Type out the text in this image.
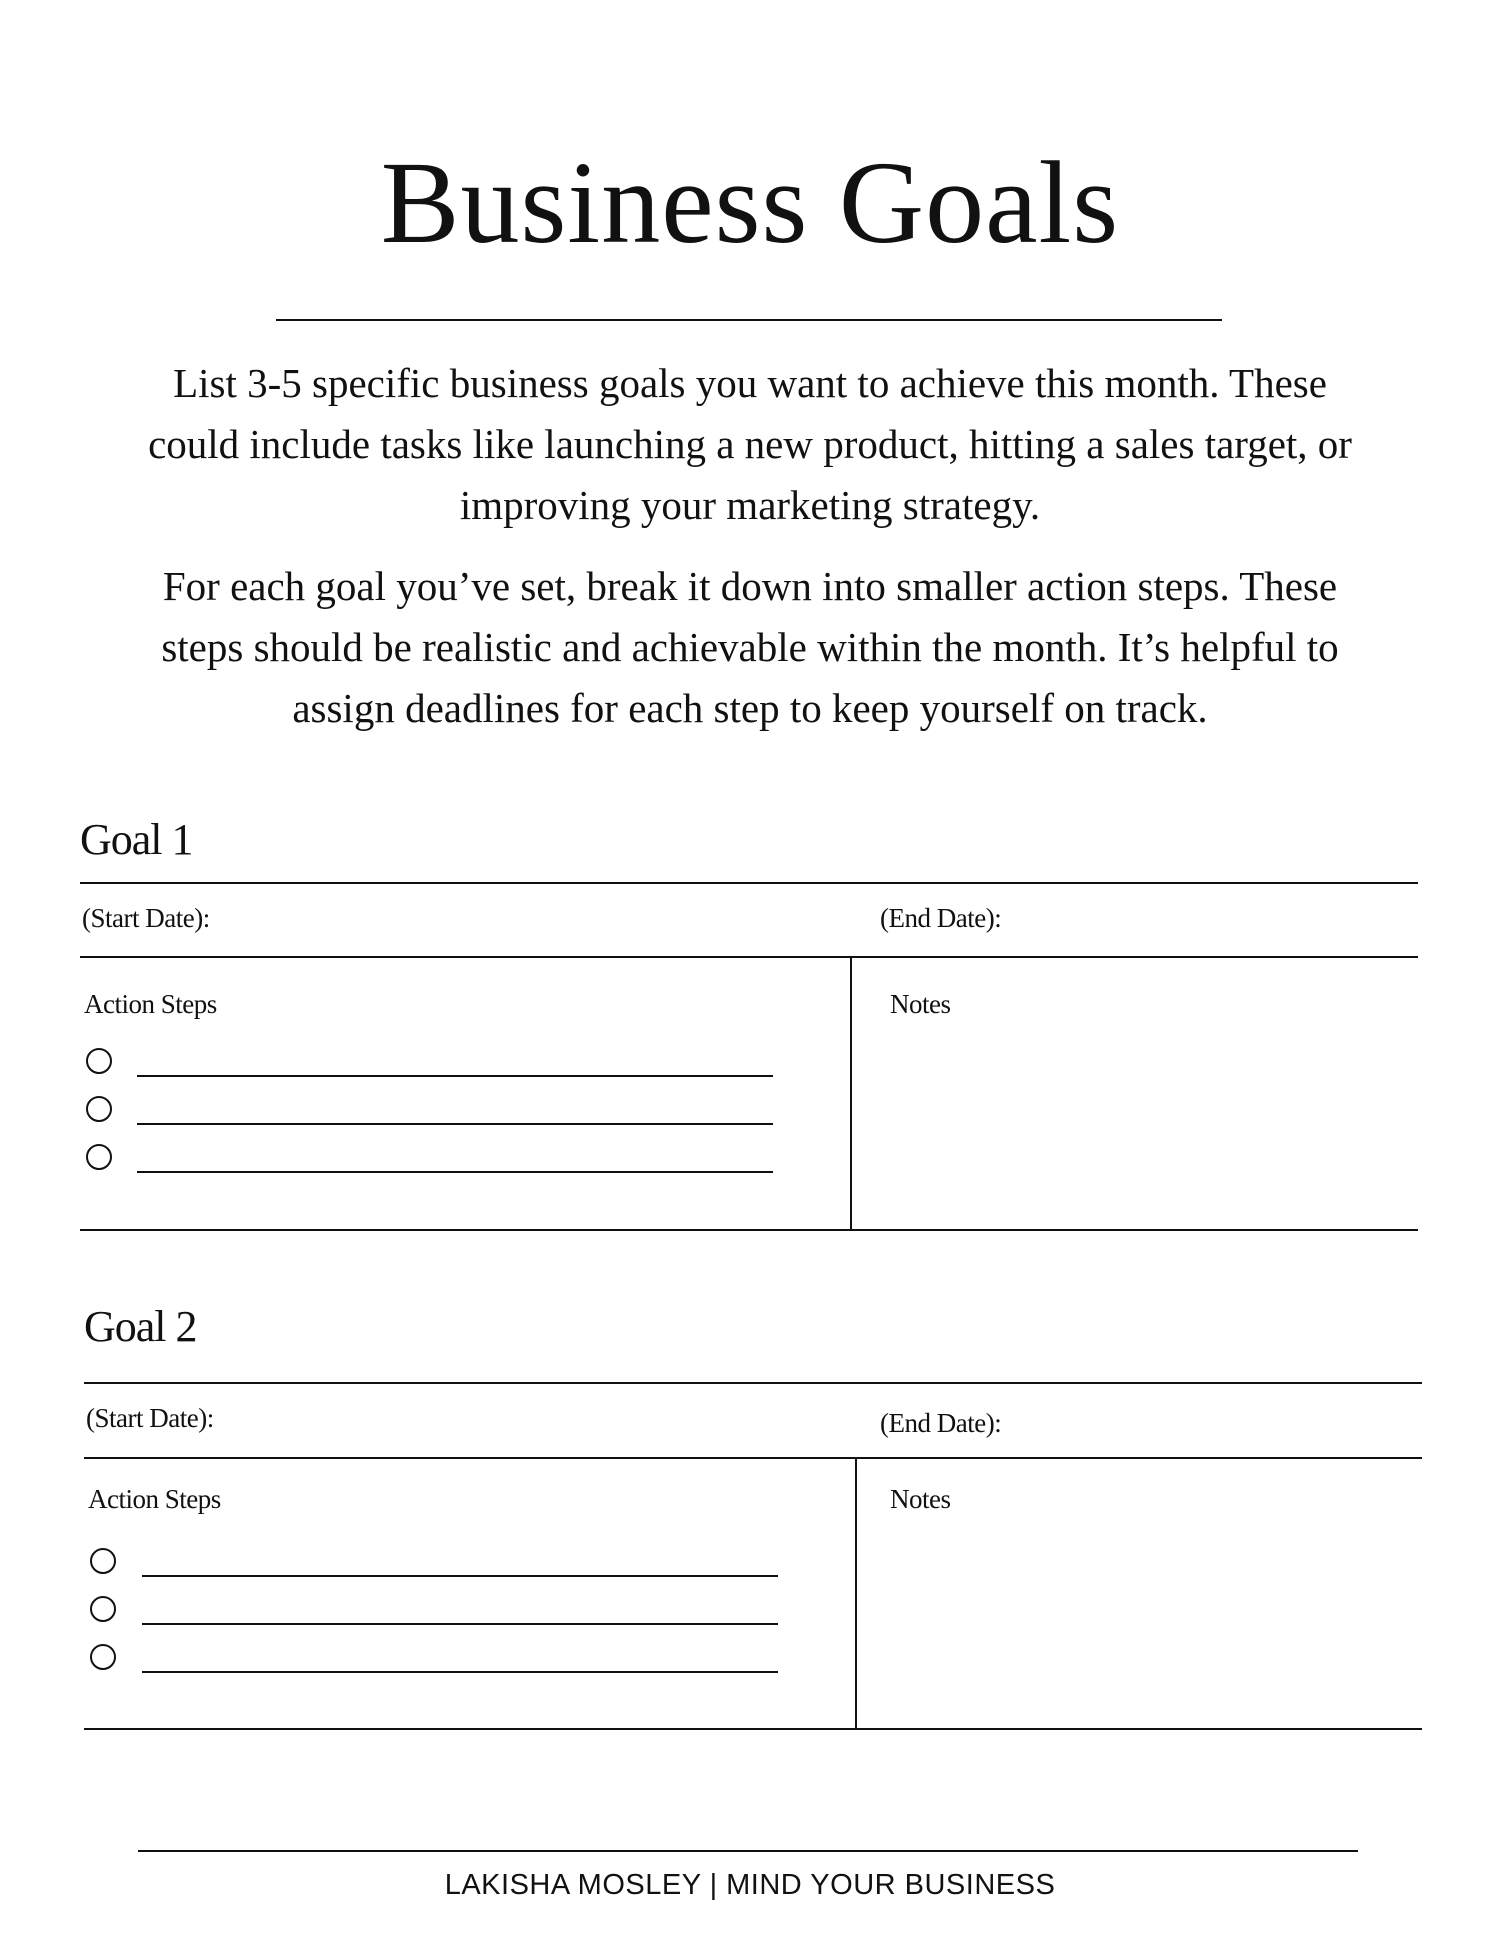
Business Goals

List 3-5 specific business goals you want to achieve this month. These could include tasks like launching a new product, hitting a sales target, or improving your marketing strategy.

For each goal you’ve set, break it down into smaller action steps. These steps should be realistic and achievable within the month. It’s helpful to assign deadlines for each step to keep yourself on track.

Goal 1
(Start Date):	(End Date):
Action Steps	Notes
Goal 2
(Start Date):	(End Date):
Action Steps	Notes
LAKISHA MOSLEY | MIND YOUR BUSINESS
